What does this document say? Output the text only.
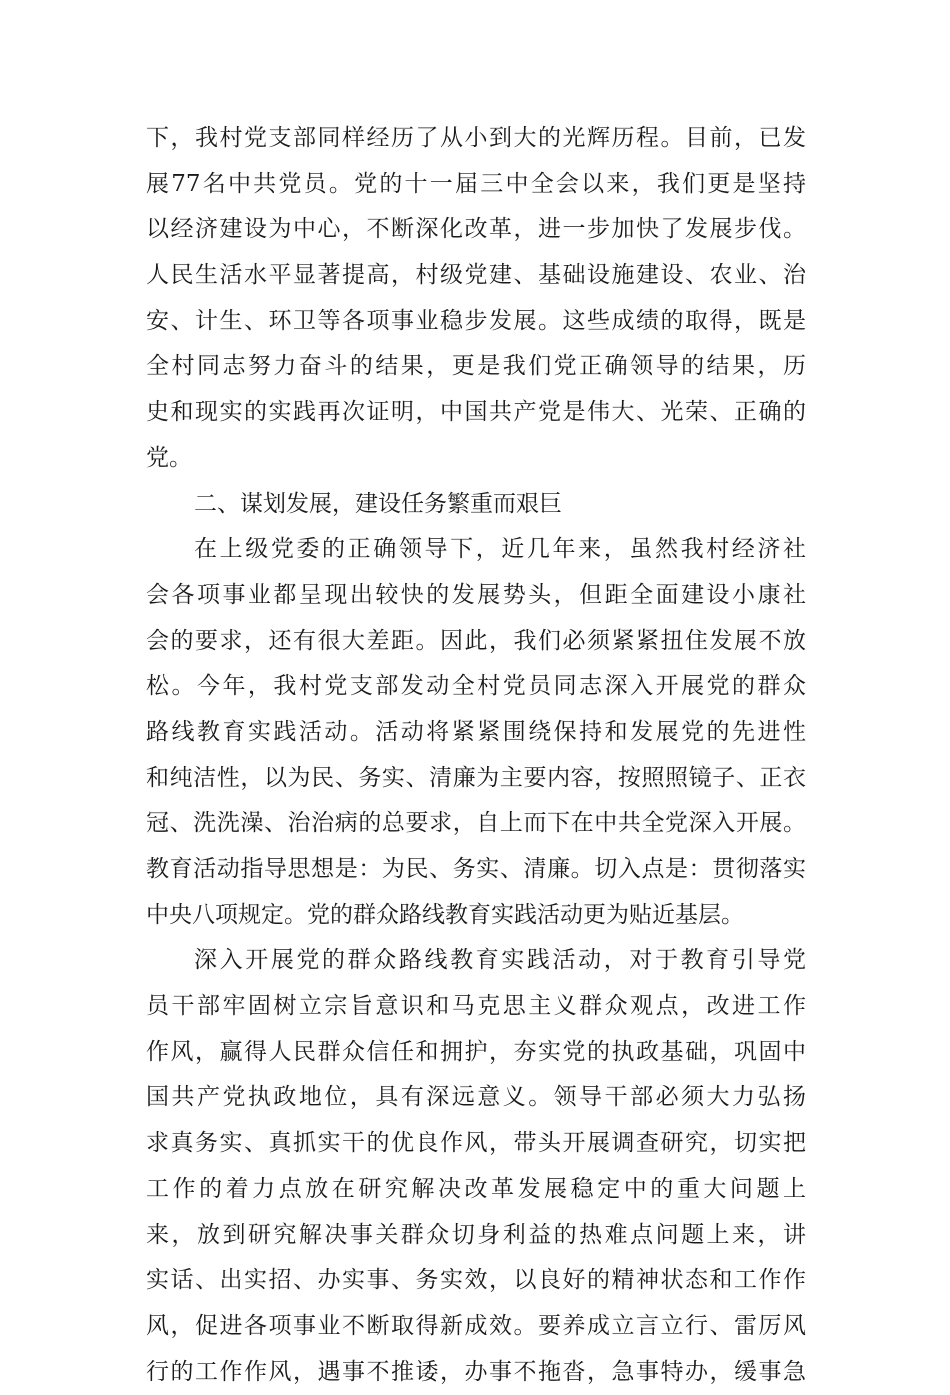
下，我村党支部同样经历了从小到大的光辉历程。目前，已发
展77名中共党员。党的十一届三中全会以来，我们更是坚持
以经济建设为中心，不断深化改革，进一步加快了发展步伐。
人民生活水平显著提高，村级党建、基础设施建设、农业、治
安、计生、环卫等各项事业稳步发展。这些成绩的取得，既是
全村同志努力奋斗的结果，更是我们党正确领导的结果，历
史和现实的实践再次证明，中国共产党是伟大、光荣、正确的
党。
二、谋划发展，建设任务繁重而艰巨
在上级党委的正确领导下，近几年来，虽然我村经济社
会各项事业都呈现出较快的发展势头，但距全面建设小康社
会的要求，还有很大差距。因此，我们必须紧紧扭住发展不放
松。今年，我村党支部发动全村党员同志深入开展党的群众
路线教育实践活动。活动将紧紧围绕保持和发展党的先进性
和纯洁性，以为民、务实、清廉为主要内容，按照照镜子、正衣
冠、洗洗澡、治治病的总要求，自上而下在中共全党深入开展。
教育活动指导思想是：为民、务实、清廉。切入点是：贯彻落实
中央八项规定。党的群众路线教育实践活动更为贴近基层。
深入开展党的群众路线教育实践活动，对于教育引导党
员干部牢固树立宗旨意识和马克思主义群众观点，改进工作
作风，赢得人民群众信任和拥护，夯实党的执政基础，巩固中
国共产党执政地位，具有深远意义。领导干部必须大力弘扬
求真务实、真抓实干的优良作风，带头开展调查研究，切实把
工作的着力点放在研究解决改革发展稳定中的重大问题上
来，放到研究解决事关群众切身利益的热难点问题上来，讲
实话、出实招、办实事、务实效，以良好的精神状态和工作作
风，促进各项事业不断取得新成效。要养成立言立行、雷厉风
行的工作作风，遇事不推诿，办事不拖沓，急事特办，缓事急
